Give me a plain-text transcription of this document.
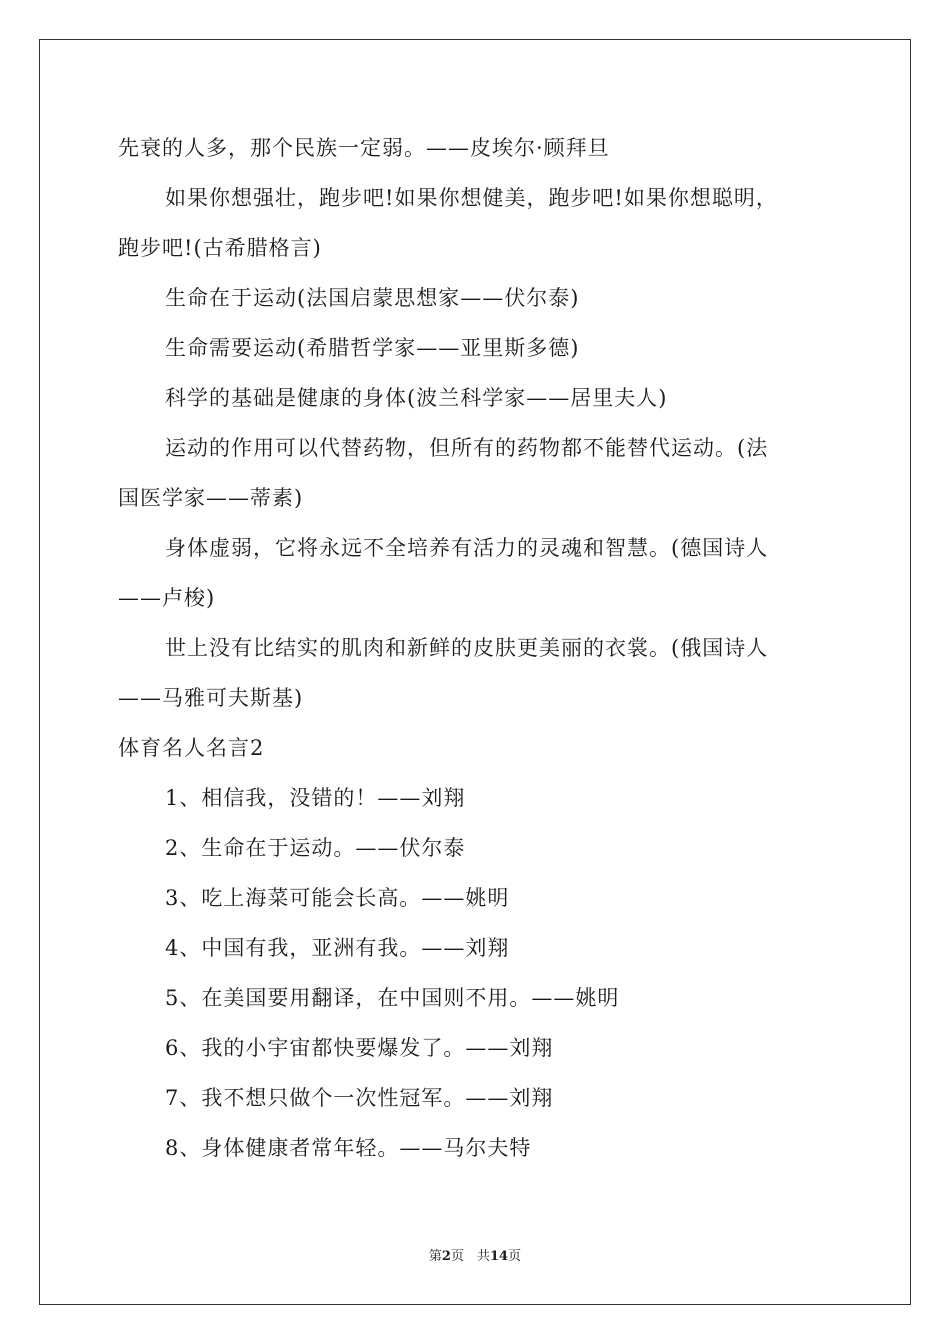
先衰的人多，那个民族一定弱。——皮埃尔·顾拜旦
如果你想强壮，跑步吧!如果你想健美，跑步吧!如果你想聪明，
跑步吧!(古希腊格言)
生命在于运动(法国启蒙思想家——伏尔泰)
生命需要运动(希腊哲学家——亚里斯多德)
科学的基础是健康的身体(波兰科学家——居里夫人)
运动的作用可以代替药物，但所有的药物都不能替代运动。(法
国医学家——蒂素)
身体虚弱，它将永远不全培养有活力的灵魂和智慧。(德国诗人
——卢梭)
世上没有比结实的肌肉和新鲜的皮肤更美丽的衣裳。(俄国诗人
——马雅可夫斯基)
体育名人名言2
1、相信我，没错的！——刘翔
2、生命在于运动。——伏尔泰
3、吃上海菜可能会长高。——姚明
4、中国有我，亚洲有我。——刘翔
5、在美国要用翻译，在中国则不用。——姚明
6、我的小宇宙都快要爆发了。——刘翔
7、我不想只做个一次性冠军。——刘翔
8、身体健康者常年轻。——马尔夫特
第2页　共14页
